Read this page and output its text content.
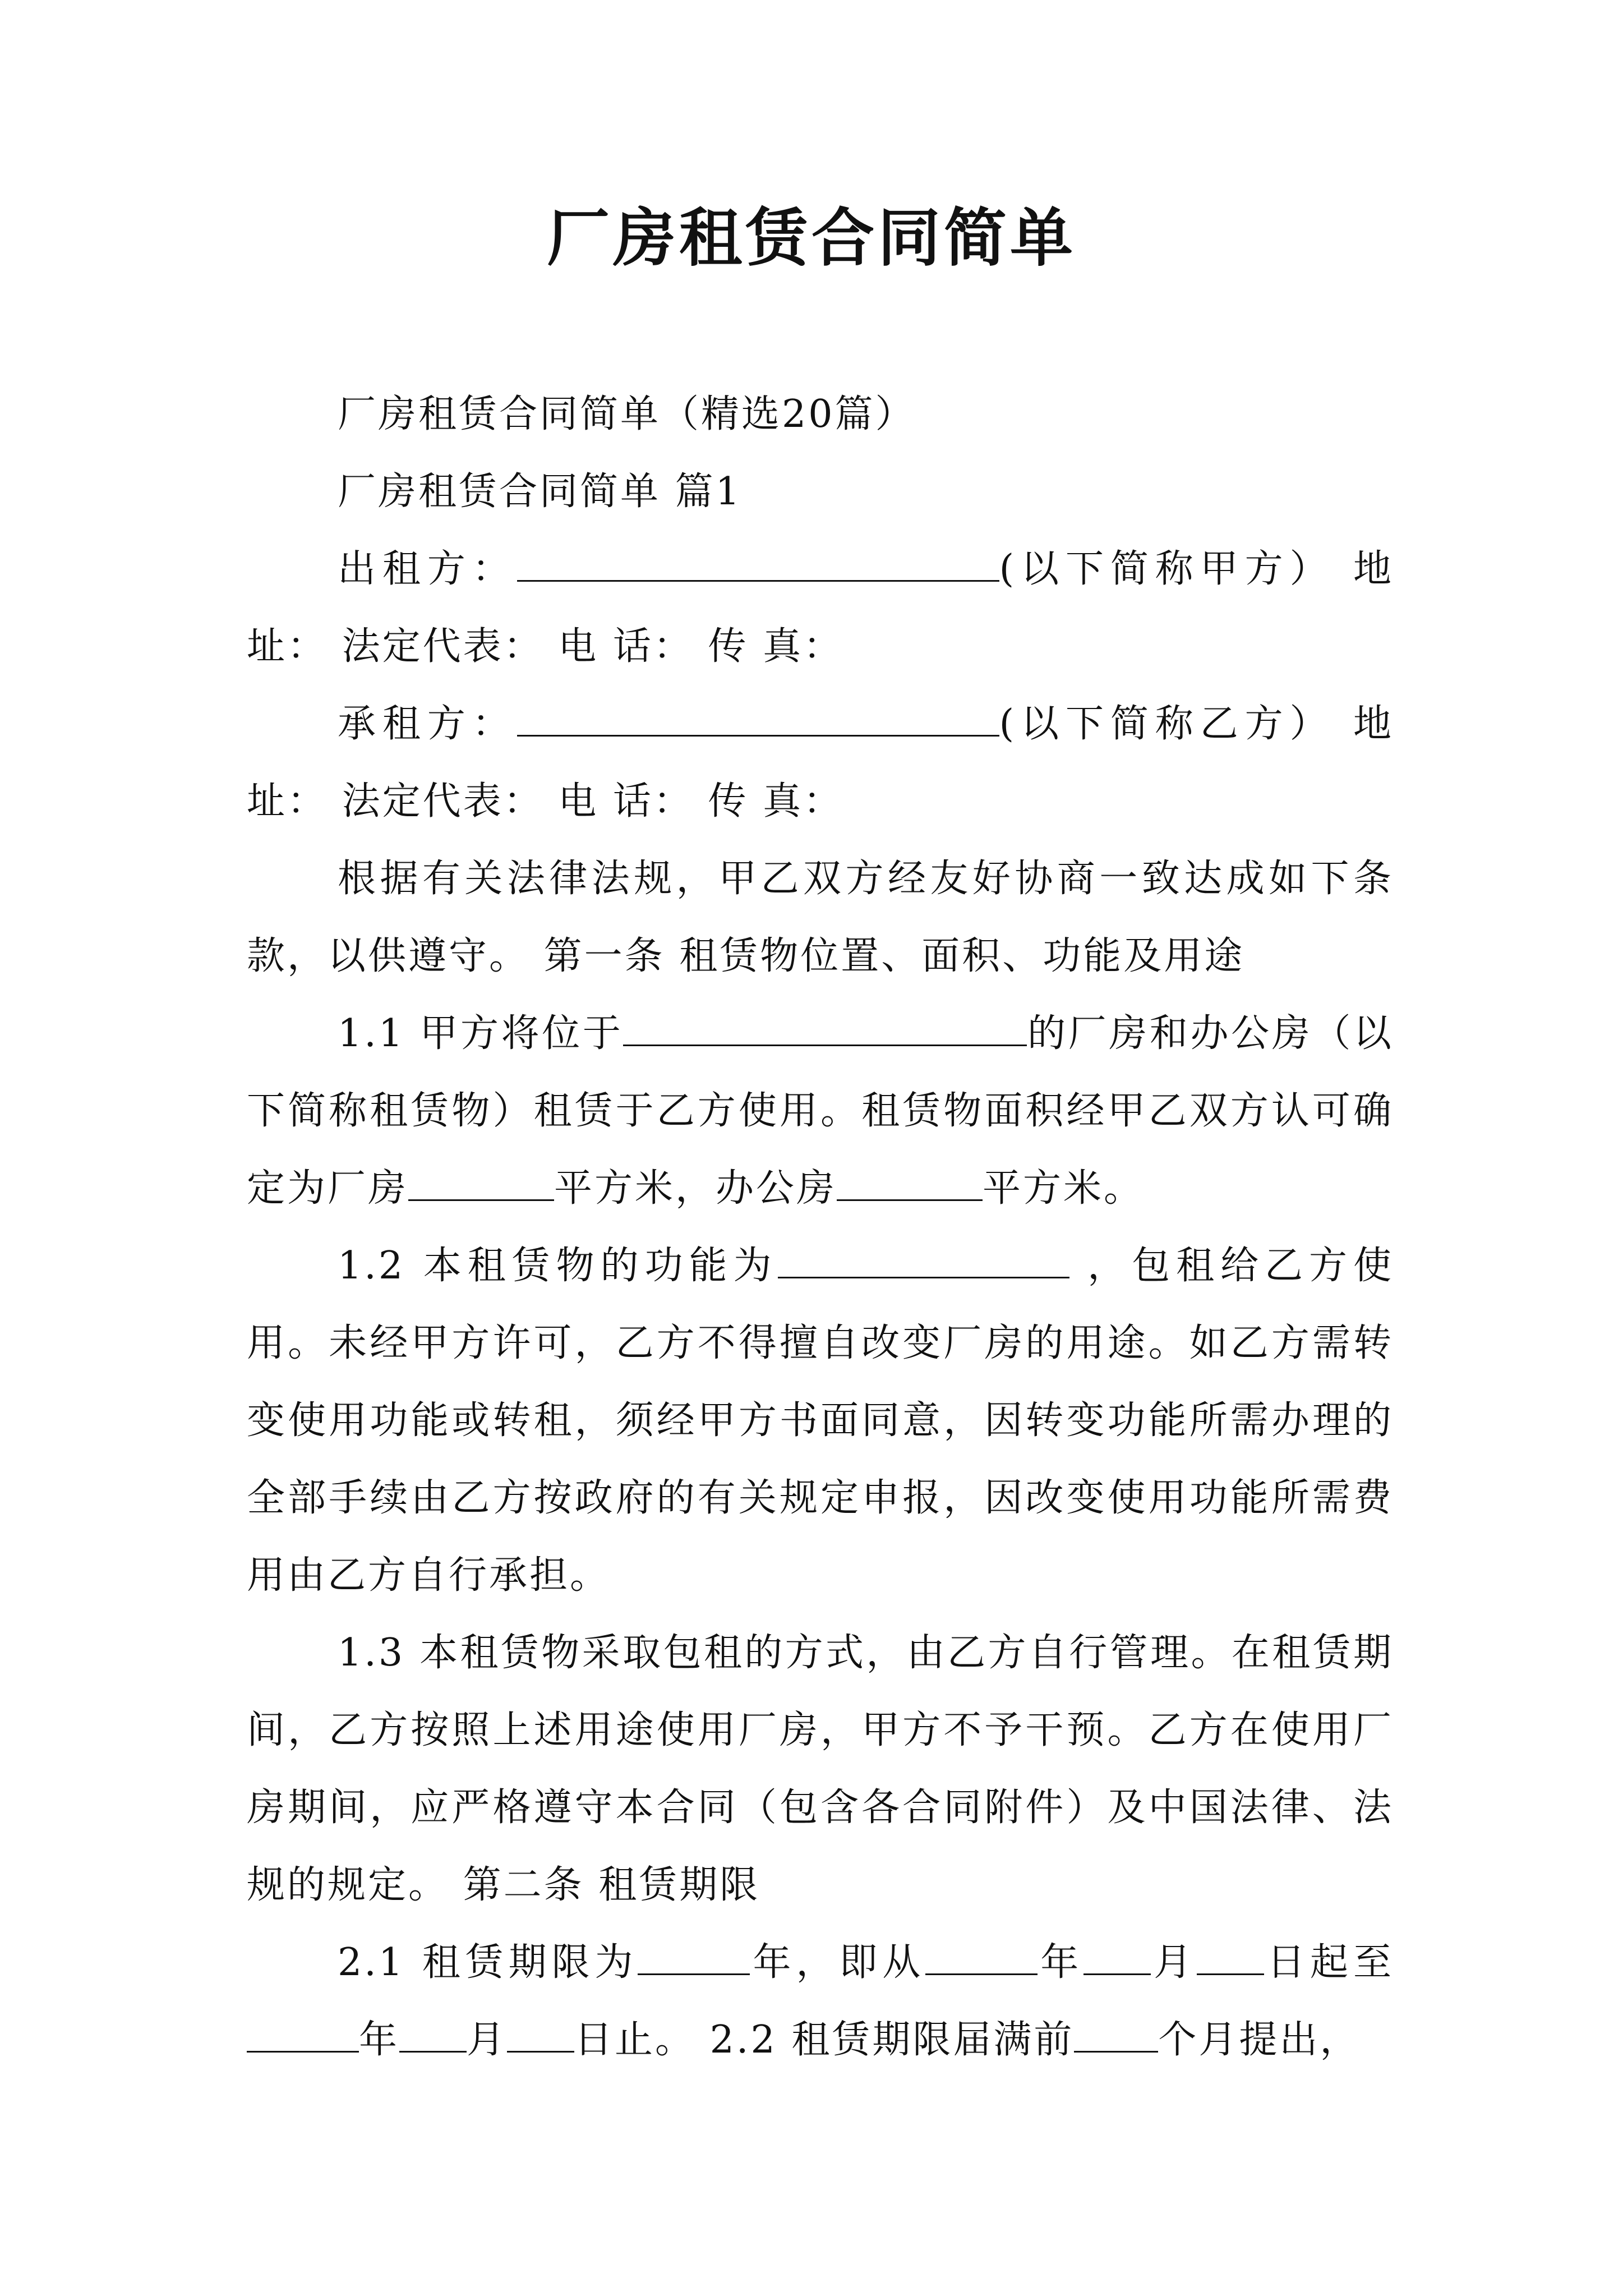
厂房租赁合同简单

厂房租赁合同简单（精选20篇）

厂房租赁合同简单 篇1

出租方：	(以下简称甲方） 地址： 法定代表： 电 话： 传 真：

承租方：	(以下简称乙方） 地址： 法定代表： 电 话： 传 真：

根据有关法律法规，甲乙双方经友好协商一致达成如下条款，以供遵守。 第一条 租赁物位置、面积、功能及用途

1.1 甲方将位于	的厂房和办公房（以下简称租赁物）租赁于乙方使用。租赁物面积经甲乙双方认可确定为厂房	平方米，办公房	平方米。

1.2 本租赁物的功能为	，包租给乙方使用。未经甲方许可，乙方不得擅自改变厂房的用途。如乙方需转变使用功能或转租，须经甲方书面同意，因转变功能所需办理的全部手续由乙方按政府的有关规定申报，因改变使用功能所需费用由乙方自行承担。

1.3 本租赁物采取包租的方式，由乙方自行管理。在租赁期间，乙方按照上述用途使用厂房，甲方不予干预。乙方在使用厂房期间，应严格遵守本合同（包含各合同附件）及中国法律、法规的规定。 第二条 租赁期限

2.1 租赁期限为	年，即从	年 月 日起至年 月 日止。 2.2 租赁期限届满前 个月提出，
